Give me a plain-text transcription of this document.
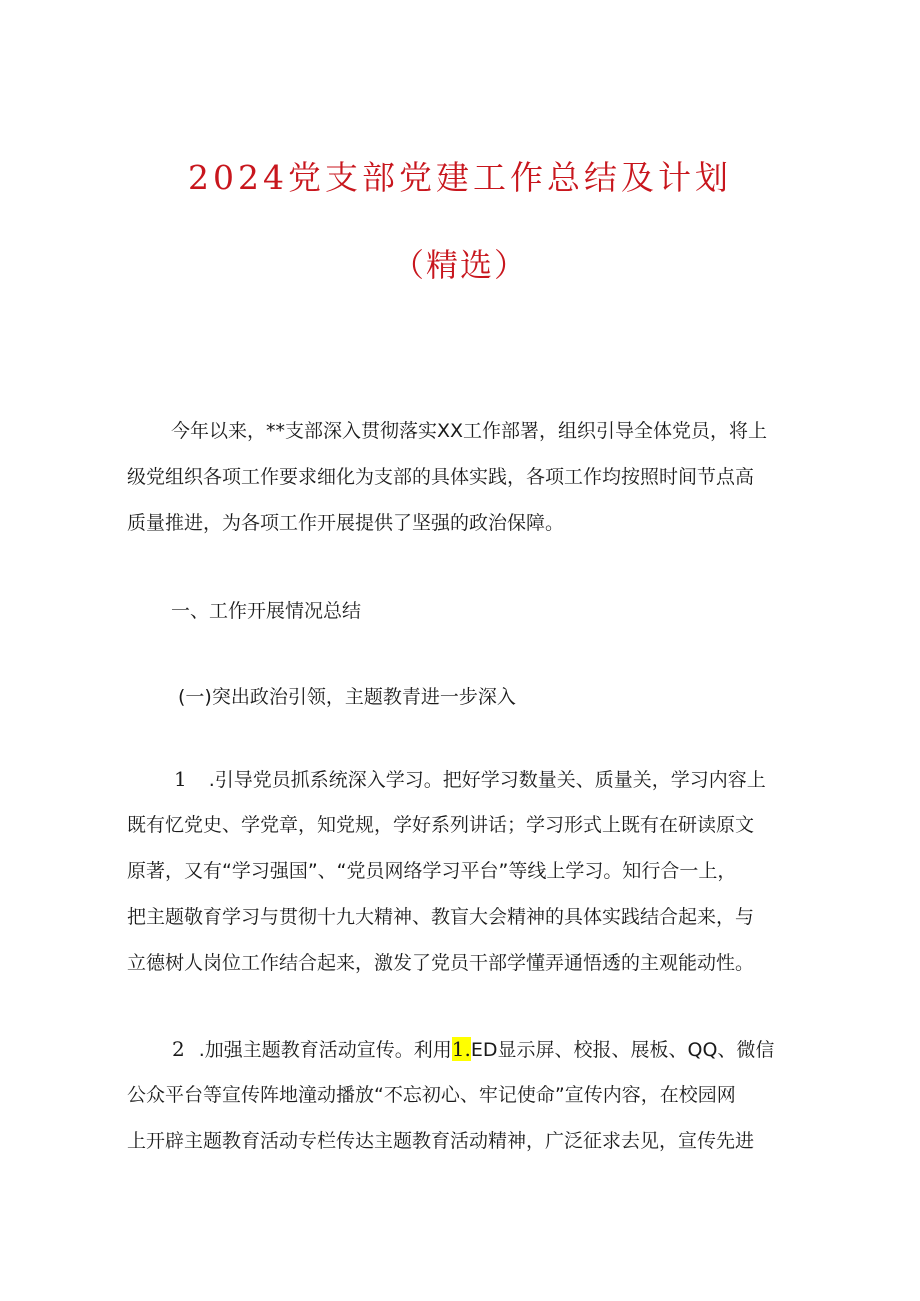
2024党支部党建工作总结及计划
（精选）
今年以来，**支部深入贯彻落实XX工作部署，组织引导全体党员，将上
级党组织各项工作要求细化为支部的具体实践，各项工作均按照时间节点高
质量推进，为各项工作开展提供了坚强的政治保障。
一、工作开展情况总结
(一)突出政治引领，主题教青进一步深入
1 .引导党员抓系统深入学习。把好学习数量关、质量关，学习内容上
既有忆党史、学党章，知党规，学好系列讲话；学习形式上既有在研读原文
原著，又有“学习强国”、“党员网络学习平台”等线上学习。知行合一上，
把主题敬育学习与贯彻十九大精神、教盲大会精神的具体实践结合起来，与
立德树人岗位工作结合起来，激发了党员干部学懂弄通悟透的主观能动性。
2 .加强主题教育活动宣传。利用1.ED显示屏、校报、展板、QQ、微信
公众平台等宣传阵地潼动播放“不忘初心、牢记使命”宣传内容，在校园网
上开辟主题教育活动专栏传达主题教育活动精神，广泛征求去见，宣传先进
